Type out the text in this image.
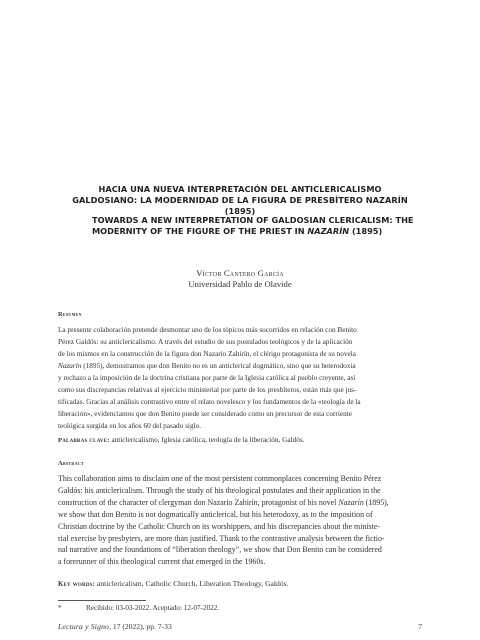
HACIA UNA NUEVA INTERPRETACIÓN DEL ANTICLERICALISMO
GALDOSIANO: LA MODERNIDAD DE LA FIGURA DE PRESBÍTERO NAZARÍN (1895)
TOWARDS A NEW INTERPRETATION OF GALDOSIAN CLERICALISM: THE
MODERNITY OF THE FIGURE OF THE PRIEST IN NAZARÍN (1895)
Víctor Cantero García
Universidad Pablo de Olavide
Resumen
La presente colaboración pretende desmontar uno de los tópicos más socorridos en relación con Benito
Pérez Galdós: su anticlericalismo. A través del estudio de sus postulados teológicos y de la aplicación
de los mismos en la construcción de la figura don Nazario Zahirín, el clérigo protagonista de su novela
Nazarín (1895), demostramos que don Benito no es un anticlerical dogmático, sino que su heterodoxia
y rechazo a la imposición de la doctrina cristiana por parte de la Iglesia católica al pueblo creyente, así
como sus discrepancias relativas al ejercicio ministerial por parte de los presbíteros, están más que jus-
tificadas. Gracias al análisis contrastivo entre el relato novelesco y los fundamentos de la «teología de la
liberación», evidenciamos que don Benito puede ser considerado como un precursor de esta corriente
teológica surgida en los años 60 del pasado siglo.
Palabras clave: anticlericalismo, Iglesia católica, teología de la liberación, Galdós.
Abstract
This collaboration aims to disclaim one of the most persistent commonplaces concerning Benito Pérez
Galdós: his anticlericalism. Through the study of his theological postulates and their application in the
construction of the character of clergyman don Nazario Zahirín, protagonist of his novel Nazarín (1895),
we show that don Benito is not dogmatically anticlerical, but his heterodoxy, as to the imposition of
Christian doctrine by the Catholic Church on its worshippers, and his discrepancies about the ministe-
rial exercise by presbyters, are more than justified. Thank to the contrastive analysis between the fictio-
nal narrative and the foundations of “liberation theology”, we show that Don Benito can be considered
a forerunner of this theological current that emerged in the 1960s.
Key words: anticlericalism, Catholic Church, Liberation Theology, Galdós.
*	Recibido: 03-03-2022. Aceptado: 12-07-2022.
Lectura y Signo, 17 (2022), pp. 7-33	7
